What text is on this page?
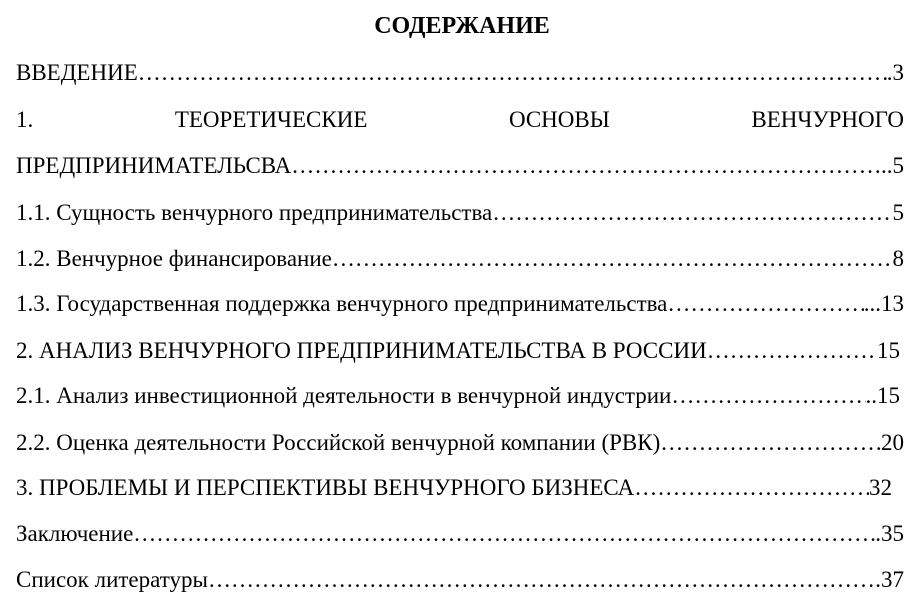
СОДЕРЖАНИЕ
ВВЕДЕНИЕ …………………………………………………………………………………………………………………………………………………………………………………………	.3
1.	ТЕОРЕТИЧЕСКИЕ	ОСНОВЫ	ВЕНЧУРНОГО
ПРЕДПРИНИМАТЕЛЬСВА …………………………………………………………………………………………………………………………………………………………………………………………	..5
1.1. Сущность венчурного предпринимательства …………………………………………………………………………………………………………………………………………………………………………………………	5
1.2. Венчурное финансирование …………………………………………………………………………………………………………………………………………………………………………………………	8
1.3. Государственная поддержка венчурного предпринимательства …………………………………………………………………………………………………………………………………………………………………………………………	...13
2. АНАЛИЗ ВЕНЧУРНОГО ПРЕДПРИНИМАТЕЛЬСТВА В РОССИИ …………………………………………………………………………………………………………………………………………………………………………………………	15
2.1. Анализ инвестиционной деятельности в венчурной индустрии …………………………………………………………………………………………………………………………………………………………………………………………	..15
2.2. Оценка деятельности Российской венчурной компании (РВК) …………………………………………………………………………………………………………………………………………………………………………………………	20
3. ПРОБЛЕМЫ И ПЕРСПЕКТИВЫ ВЕНЧУРНОГО БИЗНЕСА …………………………………………………………………………………………………………………………………………………………………………………………	32
Заключение …………………………………………………………………………………………………………………………………………………………………………………………	.35
Список литературы …………………………………………………………………………………………………………………………………………………………………………………………	.37
